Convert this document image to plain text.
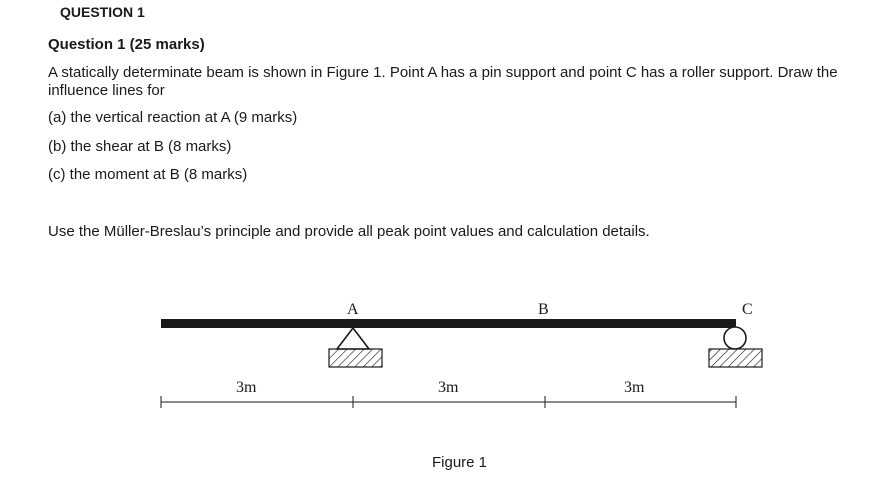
QUESTION 1
Question 1 (25 marks)
A statically determinate beam is shown in Figure 1. Point A has a pin support and point C has a roller support. Draw the influence lines for
(a) the vertical reaction at A (9 marks)
(b) the shear at B (8 marks)
(c) the moment at B (8 marks)
Use the Müller-Breslau’s principle and provide all peak point values and calculation details.
A	B	C
3m	3m	3m
Figure 1
